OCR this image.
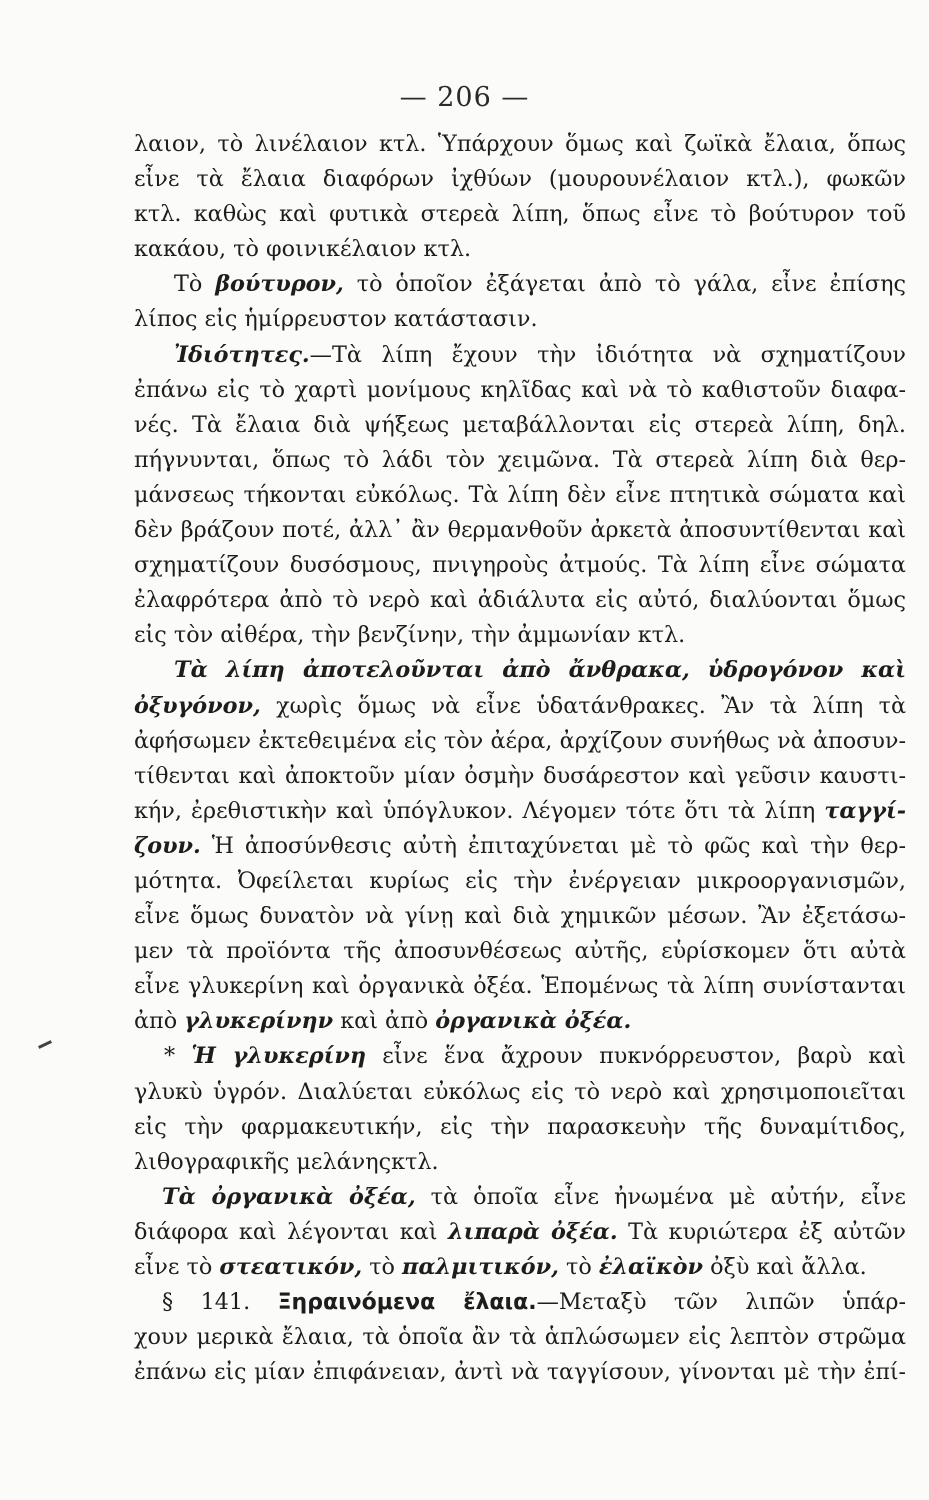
— 206 —
λαιον, τὸ λινέλαιον κτλ. Ὑπάρχουν ὅμως καὶ ζωϊκὰ ἔλαια, ὅπως
εἶνε τὰ ἔλαια διαφόρων ἰχθύων (μουρουνέλαιον κτλ.), φωκῶν
κτλ. καθὼς καὶ φυτικὰ στερεὰ λίπη, ὅπως εἶνε τὸ βούτυρον τοῦ
κακάου, τὸ φοινικέλαιον κτλ.
Τὸ βούτυρον, τὸ ὁποῖον ἐξάγεται ἀπὸ τὸ γάλα, εἶνε ἐπίσης
λίπος εἰς ἡμίρρευστον κατάστασιν.
Ἰδιότητες.—Τὰ λίπη ἔχουν τὴν ἰδιότητα νὰ σχηματίζουν
ἐπάνω εἰς τὸ χαρτὶ μονίμους κηλῖδας καὶ νὰ τὸ καθιστοῦν διαφα-
νές. Τὰ ἔλαια διὰ ψήξεως μεταβάλλονται εἰς στερεὰ λίπη, δηλ.
πήγνυνται, ὅπως τὸ λάδι τὸν χειμῶνα. Τὰ στερεὰ λίπη διὰ θερ-
μάνσεως τήκονται εὐκόλως. Τὰ λίπη δὲν εἶνε πτητικὰ σώματα καὶ
δὲν βράζουν ποτέ, ἀλλ᾽ ἂν θερμανθοῦν ἀρκετὰ ἀποσυντίθενται καὶ
σχηματίζουν δυσόσμους, πνιγηροὺς ἀτμούς. Τὰ λίπη εἶνε σώματα
ἐλαφρότερα ἀπὸ τὸ νερὸ καὶ ἀδιάλυτα εἰς αὐτό, διαλύονται ὅμως
εἰς τὸν αἰθέρα, τὴν βενζίνην, τὴν ἀμμωνίαν κτλ.
Τὰ λίπη ἀποτελοῦνται ἀπὸ ἄνθρακα, ὑδρογόνον καὶ
ὀξυγόνον, χωρὶς ὅμως νὰ εἶνε ὑδατάνθρακες. Ἂν τὰ λίπη τὰ
ἀφήσωμεν ἐκτεθειμένα εἰς τὸν ἀέρα, ἀρχίζουν συνήθως νὰ ἀποσυν-
τίθενται καὶ ἀποκτοῦν μίαν ὀσμὴν δυσάρεστον καὶ γεῦσιν καυστι-
κήν, ἐρεθιστικὴν καὶ ὑπόγλυκον. Λέγομεν τότε ὅτι τὰ λίπη ταγγί-
ζουν. Ἡ ἀποσύνθεσις αὐτὴ ἐπιταχύνεται μὲ τὸ φῶς καὶ τὴν θερ-
μότητα. Ὀφείλεται κυρίως εἰς τὴν ἐνέργειαν μικροοργανισμῶν,
εἶνε ὅμως δυνατὸν νὰ γίνῃ καὶ διὰ χημικῶν μέσων. Ἂν ἐξετάσω-
μεν τὰ προϊόντα τῆς ἀποσυνθέσεως αὐτῆς, εὑρίσκομεν ὅτι αὐτὰ
εἶνε γλυκερίνη καὶ ὀργανικὰ ὀξέα. Ἑπομένως τὰ λίπη συνίστανται
ἀπὸ γλυκερίνην καὶ ἀπὸ ὀργανικὰ ὀξέα.
* Ἡ γλυκερίνη εἶνε ἕνα ἄχρουν πυκνόρρευστον, βαρὺ καὶ
γλυκὺ ὑγρόν. Διαλύεται εὐκόλως εἰς τὸ νερὸ καὶ χρησιμοποιεῖται
εἰς τὴν φαρμακευτικήν, εἰς τὴν παρασκευὴν τῆς δυναμίτιδος,
λιθογραφικῆς μελάνηςκτλ.
Τὰ ὀργανικὰ ὀξέα, τὰ ὁποῖα εἶνε ἠνωμένα μὲ αὐτήν, εἶνε
διάφορα καὶ λέγονται καὶ λιπαρὰ ὀξέα. Τὰ κυριώτερα ἐξ αὐτῶν
εἶνε τὸ στεατικόν, τὸ παλμιτικόν, τὸ ἐλαϊκὸν ὀξὺ καὶ ἄλλα.
§ 141. Ξηραινόμενα ἔλαια.—Μεταξὺ τῶν λιπῶν ὑπάρ-
χουν μερικὰ ἔλαια, τὰ ὁποῖα ἂν τὰ ἁπλώσωμεν εἰς λεπτὸν στρῶμα
ἐπάνω εἰς μίαν ἐπιφάνειαν, ἀντὶ νὰ ταγγίσουν, γίνονται μὲ τὴν ἐπί-
